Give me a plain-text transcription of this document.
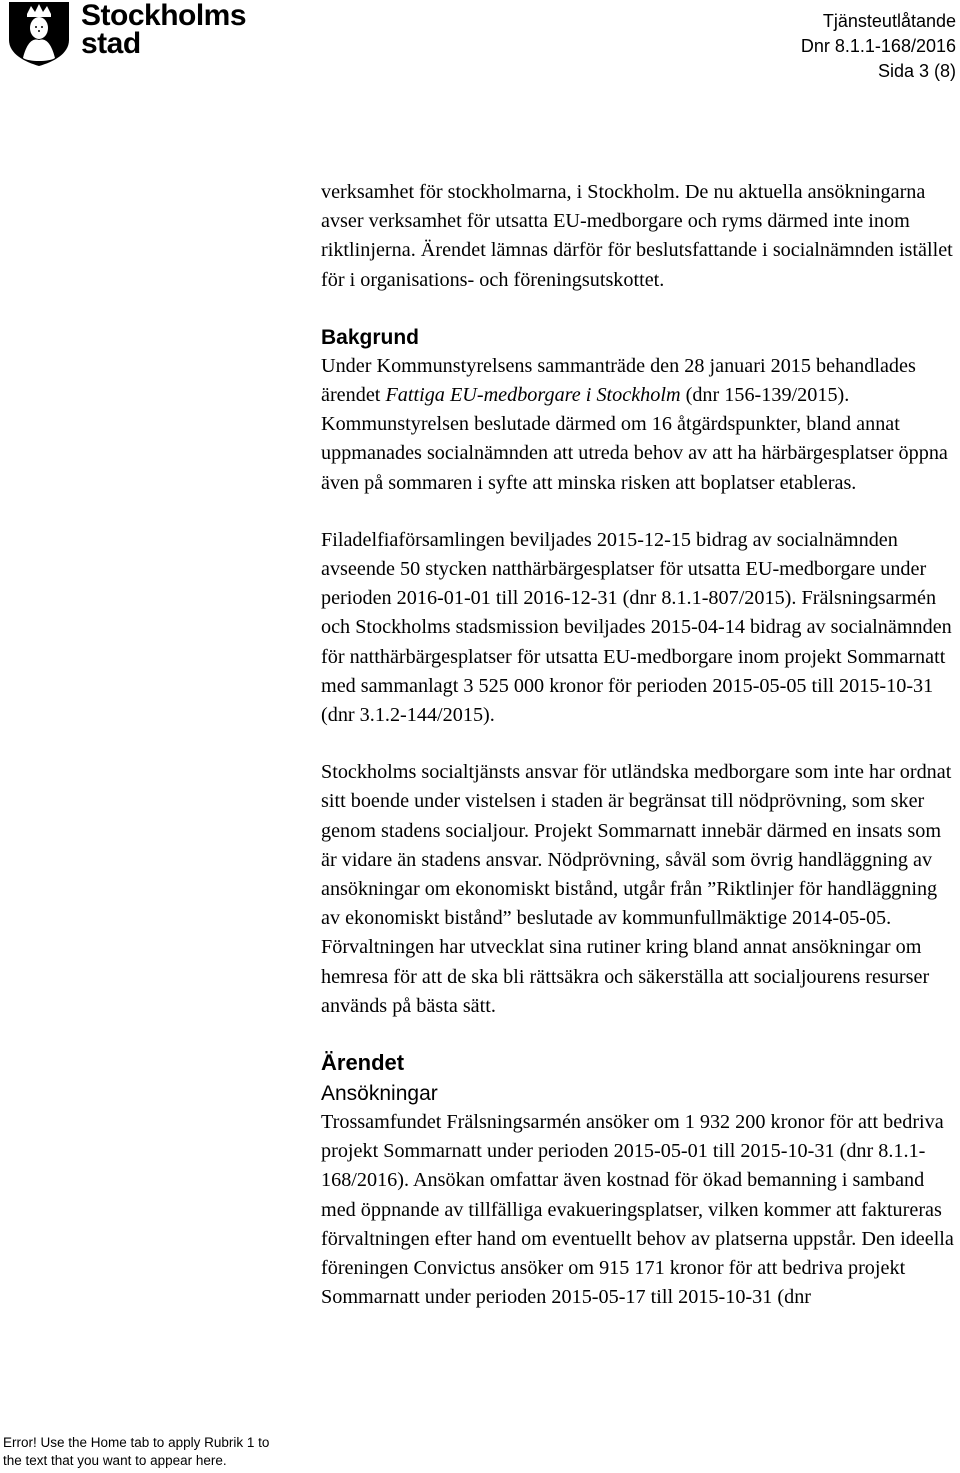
Stockholms
stad
Tjänsteutlåtande
Dnr 8.1.1-168/2016
Sida 3 (8)

verksamhet för stockholmarna, i Stockholm. De nu aktuella ansökningarna avser verksamhet för utsatta EU-medborgare och ryms därmed inte inom riktlinjerna. Ärendet lämnas därför för beslutsfattande i socialnämnden istället för i organisations- och föreningsutskottet.

Bakgrund

Under Kommunstyrelsens sammanträde den 28 januari 2015 behandlades ärendet Fattiga EU-medborgare i Stockholm (dnr 156-139/2015). Kommunstyrelsen beslutade därmed om 16 åtgärdspunkter, bland annat uppmanades socialnämnden att utreda behov av att ha härbärgesplatser öppna även på sommaren i syfte att minska risken att boplatser etableras.

Filadelfiaförsamlingen beviljades 2015-12-15 bidrag av socialnämnden avseende 50 stycken natthärbärgesplatser för utsatta EU-medborgare under perioden 2016-01-01 till 2016-12-31 (dnr 8.1.1-807/2015). Frälsningsarmén och Stockholms stadsmission beviljades 2015-04-14 bidrag av socialnämnden för natthärbärgesplatser för utsatta EU-medborgare inom projekt Sommarnatt med sammanlagt 3 525 000 kronor för perioden 2015-05-05 till 2015-10-31 (dnr 3.1.2-144/2015).

Stockholms socialtjänsts ansvar för utländska medborgare som inte har ordnat sitt boende under vistelsen i staden är begränsat till nödprövning, som sker genom stadens socialjour. Projekt Sommarnatt innebär därmed en insats som är vidare än stadens ansvar. Nödprövning, såväl som övrig handläggning av ansökningar om ekonomiskt bistånd, utgår från ”Riktlinjer för handläggning av ekonomiskt bistånd” beslutade av kommunfullmäktige 2014-05-05. Förvaltningen har utvecklat sina rutiner kring bland annat ansökningar om hemresa för att de ska bli rättsäkra och säkerställa att socialjourens resurser används på bästa sätt.

Ärendet
Ansökningar

Trossamfundet Frälsningsarmén ansöker om 1 932 200 kronor för att bedriva projekt Sommarnatt under perioden 2015-05-01 till 2015-10-31 (dnr 8.1.1-168/2016). Ansökan omfattar även kostnad för ökad bemanning i samband med öppnande av tillfälliga evakueringsplatser, vilken kommer att faktureras förvaltningen efter hand om eventuellt behov av platserna uppstår. Den ideella föreningen Convictus ansöker om 915 171 kronor för att bedriva projekt Sommarnatt under perioden 2015-05-17 till 2015-10-31 (dnr

Error! Use the Home tab to apply Rubrik 1 to the text that you want to appear here.
